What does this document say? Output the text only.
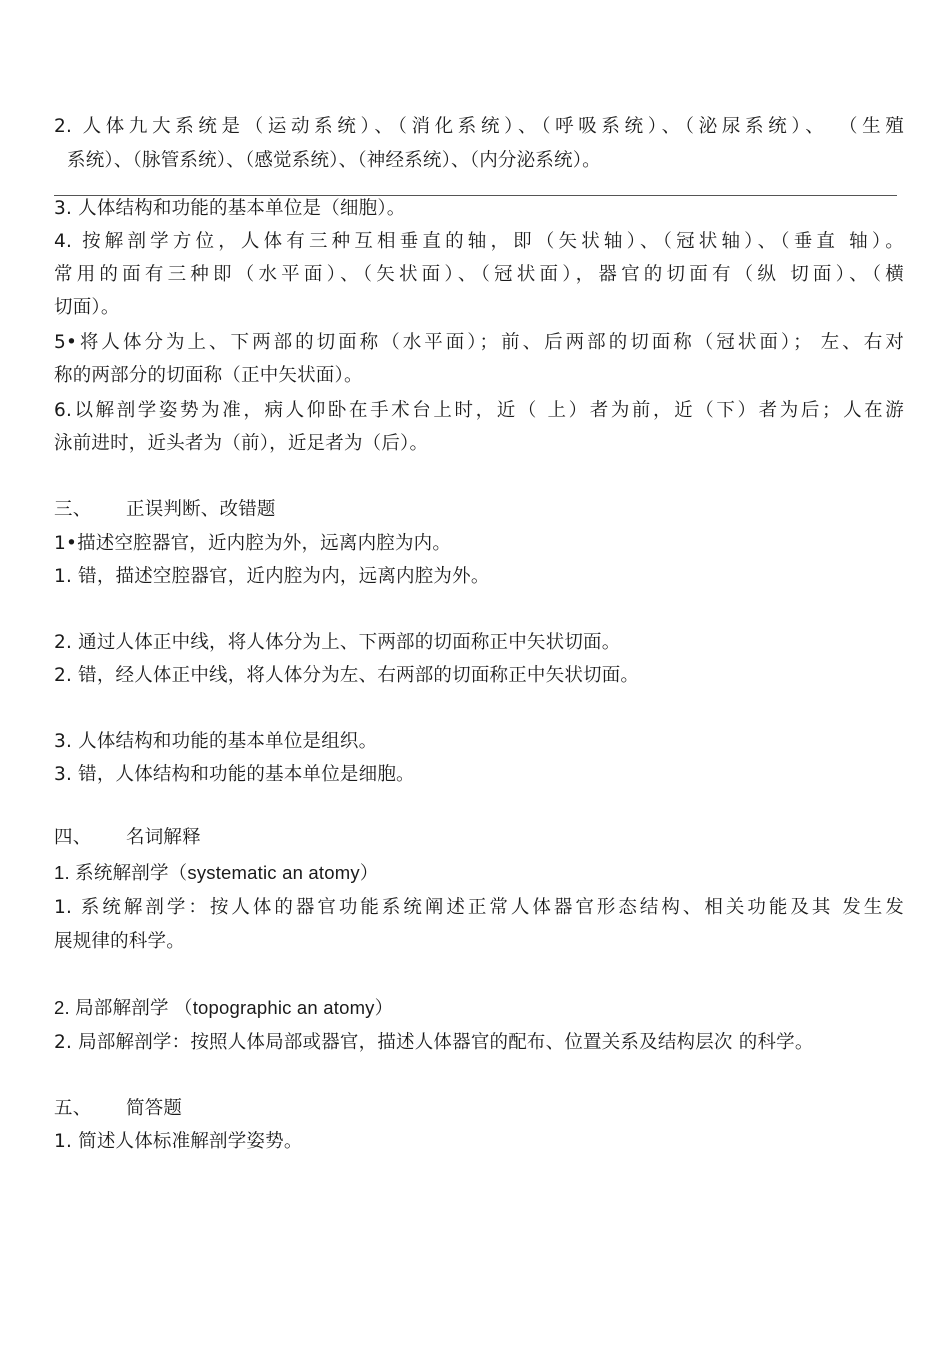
2. 人体九大系统是（运动系统）、（消化系统）、（呼吸系统）、（泌尿系统）、 （生殖
系统）、（脉管系统）、（感觉系统）、（神经系统）、（内分泌系统）。
3. 人体结构和功能的基本单位是（细胞）。
4. 按解剖学方位，人体有三种互相垂直的轴，即（矢状轴）、（冠状轴）、（垂直 轴）。
常用的面有三种即（水平面）、（矢状面）、（冠状面），器官的切面有（纵 切面）、（横
切面）。
5•将人体分为上、下两部的切面称（水平面）；前、后两部的切面称（冠状面）； 左、右对
称的两部分的切面称（正中矢状面）。
6.以解剖学姿势为准，病人仰卧在手术台上时，近（ 上）者为前，近（下）者为后；人在游
泳前进时，近头者为（前），近足者为（后）。
三、 正误判断、改错题
1•描述空腔器官，近内腔为外，远离内腔为内。
1. 错，描述空腔器官，近内腔为内，远离内腔为外。
2. 通过人体正中线，将人体分为上、下两部的切面称正中矢状切面。
2. 错，经人体正中线，将人体分为左、右两部的切面称正中矢状切面。
3. 人体结构和功能的基本单位是组织。
3. 错，人体结构和功能的基本单位是细胞。
四、 名词解释
1. 系统解剖学（systematic an atomy）
1. 系统解剖学：按人体的器官功能系统阐述正常人体器官形态结构、相关功能及其 发生发
展规律的科学。
2. 局部解剖学 （topographic an atomy）
2. 局部解剖学：按照人体局部或器官，描述人体器官的配布、位置关系及结构层次 的科学。
五、 简答题
1. 简述人体标准解剖学姿势。
